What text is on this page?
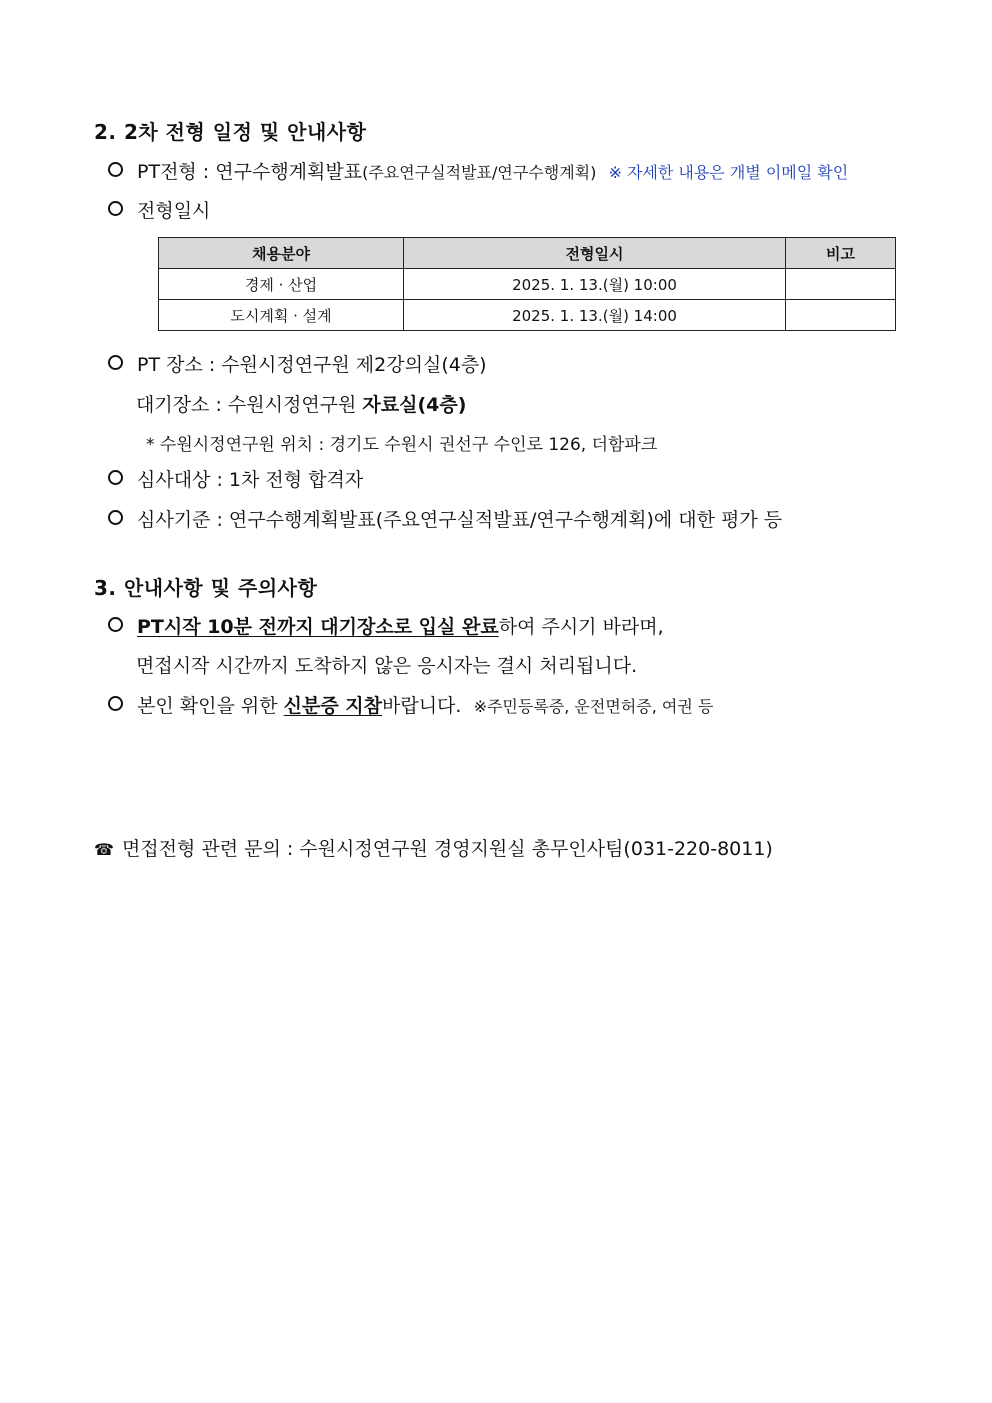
2. 2차 전형 일정 및 안내사항
PT전형 : 연구수행계획발표(주요연구실적발표/연구수행계획) ※ 자세한 내용은 개별 이메일 확인
전형일시
채용분야	전형일시	비고
경제 · 산업	2025. 1. 13.(월) 10:00	
도시계획 · 설계	2025. 1. 13.(월) 14:00	
PT 장소 : 수원시정연구원 제2강의실(4층)
대기장소 : 수원시정연구원 자료실(4층)
* 수원시정연구원 위치 : 경기도 수원시 권선구 수인로 126, 더함파크
심사대상 : 1차 전형 합격자
심사기준 : 연구수행계획발표(주요연구실적발표/연구수행계획)에 대한 평가 등
3. 안내사항 및 주의사항
PT시작 10분 전까지 대기장소로 입실 완료하여 주시기 바라며,
면접시작 시간까지 도착하지 않은 응시자는 결시 처리됩니다.
본인 확인을 위한 신분증 지참바랍니다. ※주민등록증, 운전면허증, 여권 등
☎ 면접전형 관련 문의 : 수원시정연구원 경영지원실 총무인사팀(031-220-8011)
